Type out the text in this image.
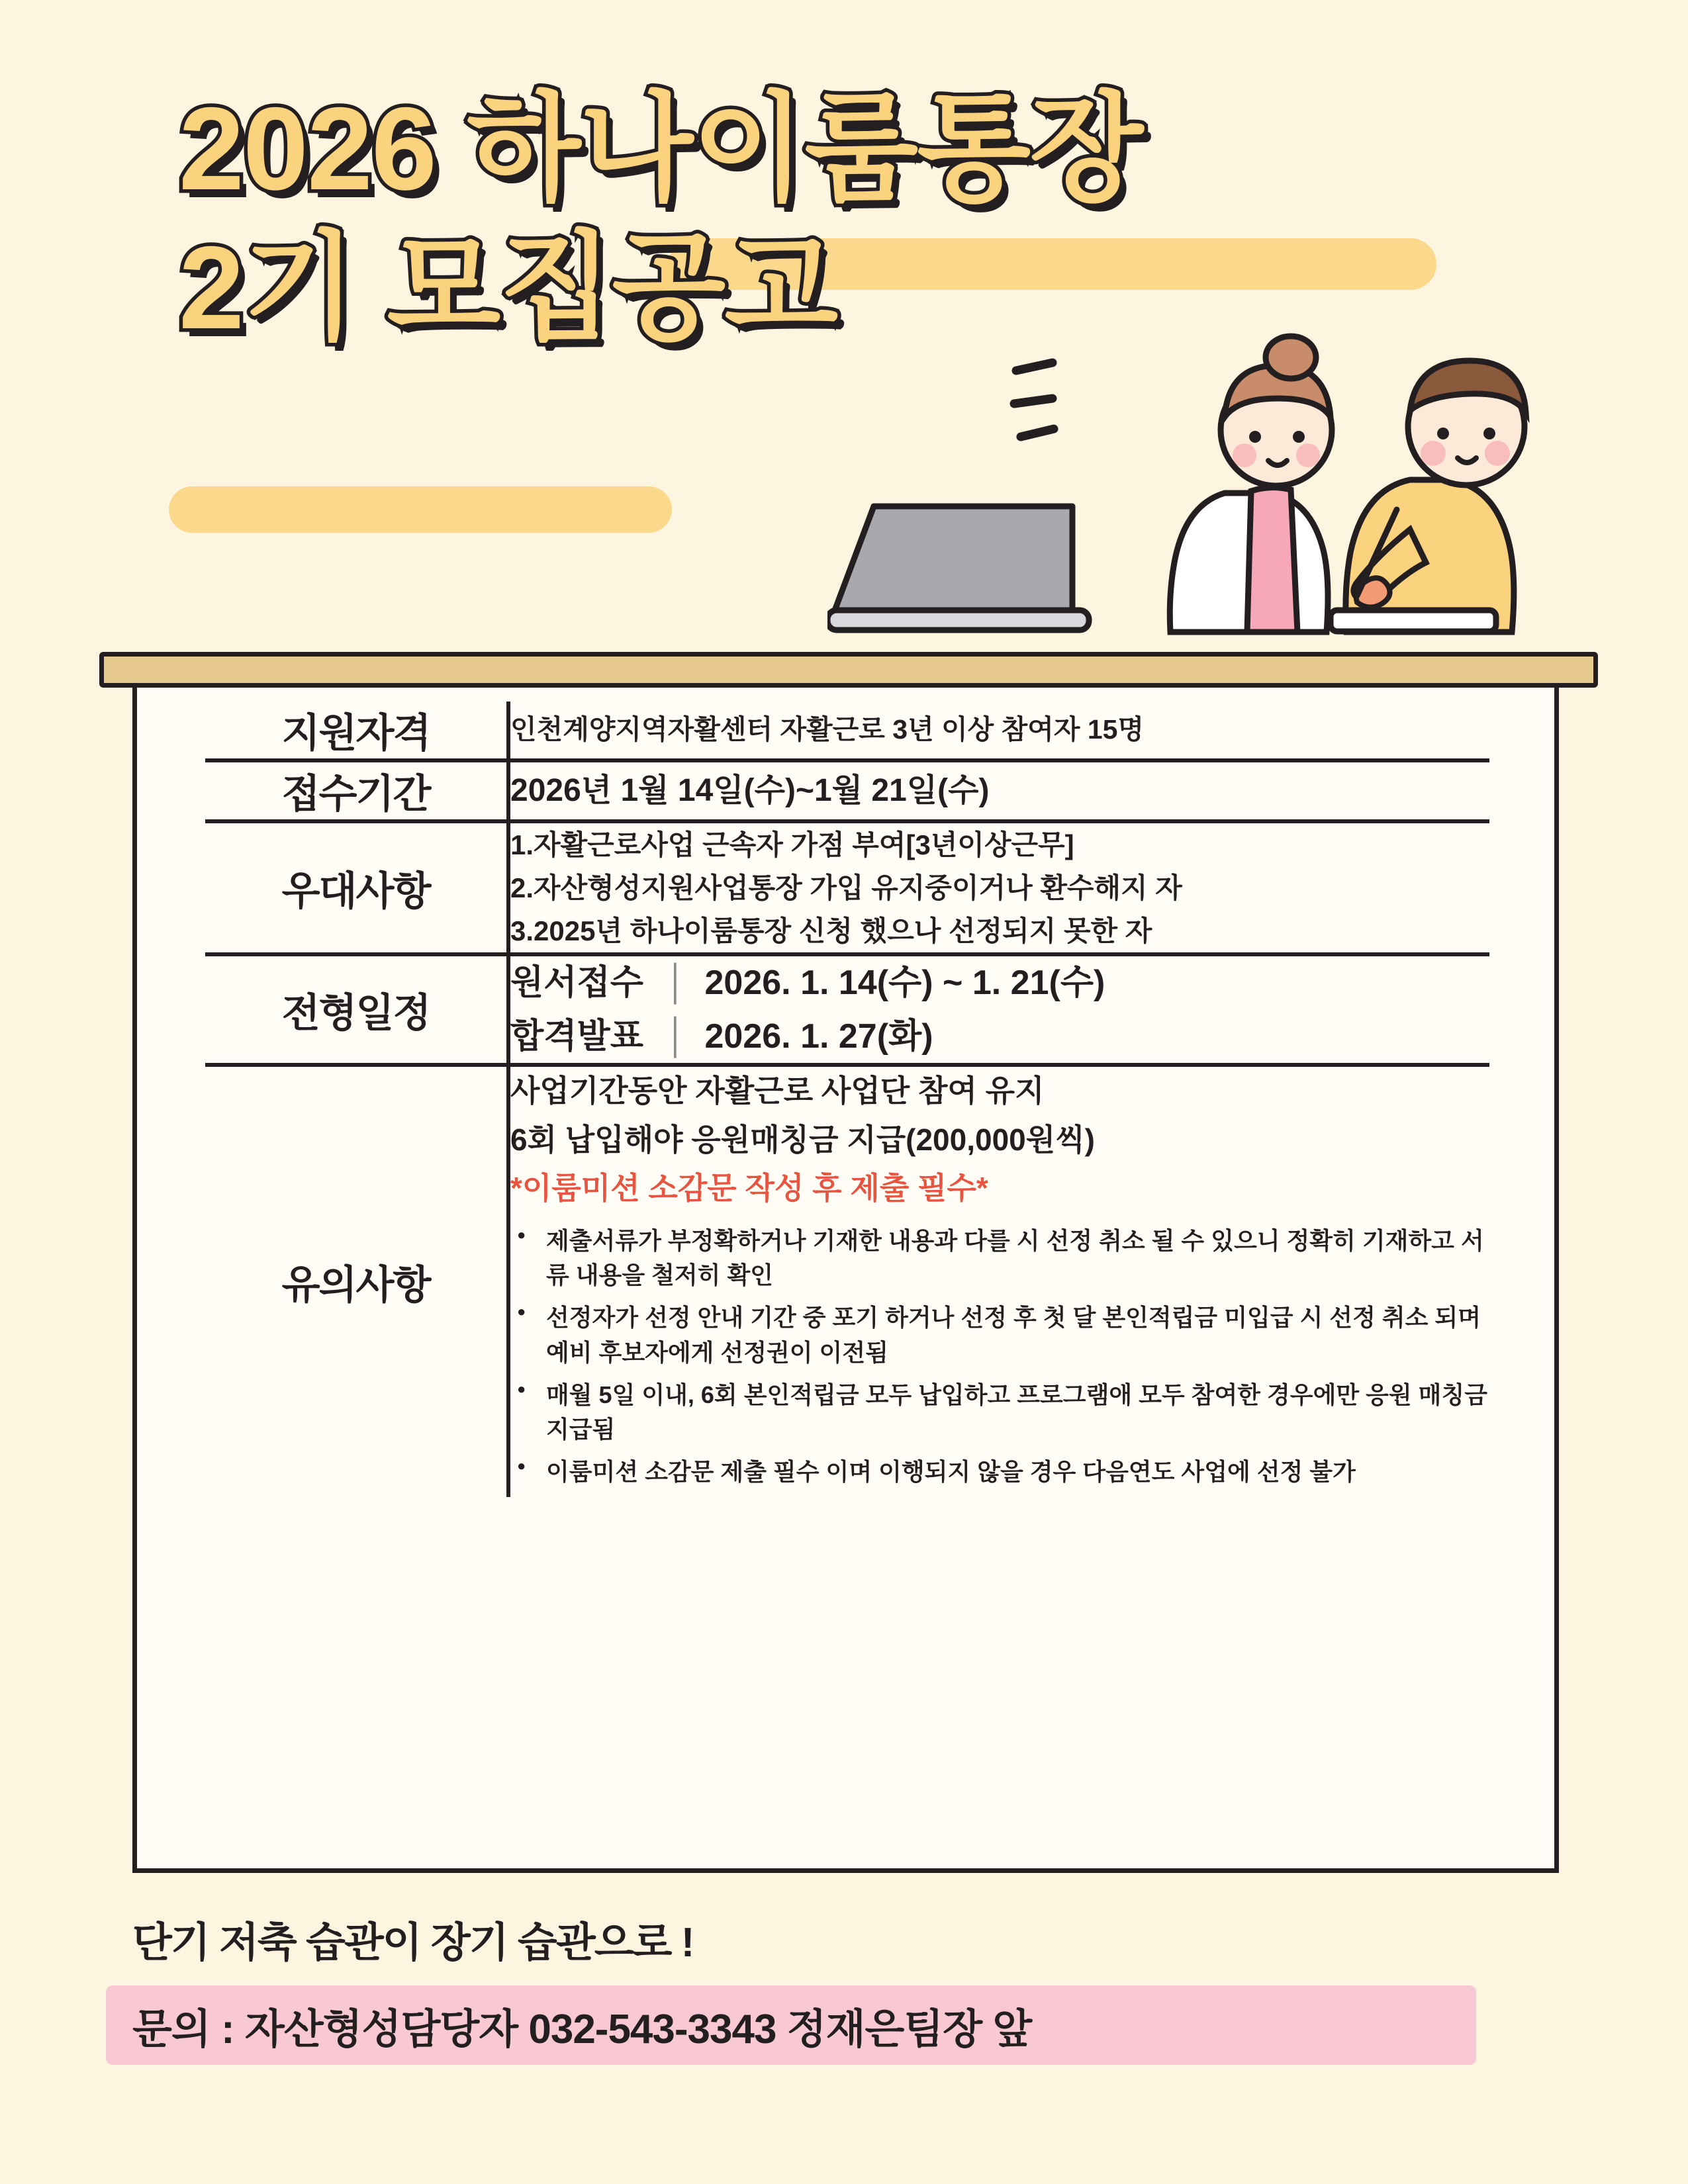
2026 하나이룸통장
2기 모집공고
지원자격	인천계양지역자활센터 자활근로 3년 이상 참여자 15명

접수기간	2026년 1월 14일(수)~1월 21일(수)

우대사항	1.자활근로사업 근속자 가점 부여[3년이상근무]
2.자산형성지원사업통장 가입 유지중이거나 환수해지 자
3.2025년 하나이룸통장 신청 했으나 선정되지 못한 자

전형일정	
원서접수 │ 2026. 1. 14(수) ~ 1. 21(수)
합격발표 │ 2026. 1. 27(화)

유의사항	
사업기간동안 자활근로 사업단 참여 유지
6회 납입해야 응원매칭금 지급(200,000원씩)
*이룸미션 소감문 작성 후 제출 필수*
● 제출서류가 부정확하거나 기재한 내용과 다를 시 선정 취소 될 수 있으니 정확히 기재하고 서류 내용을 철저히 확인
● 선정자가 선정 안내 기간 중 포기 하거나 선정 후 첫 달 본인적립금 미입급 시 선정 취소 되며 예비 후보자에게 선정권이 이전됨
● 매월 5일 이내, 6회 본인적립금 모두 납입하고 프로그램애 모두 참여한 경우에만 응원 매칭금 지급됨
● 이룸미션 소감문 제출 필수 이며 이행되지 않을 경우 다음연도 사업에 선정 불가
단기 저축 습관이 장기 습관으로 !
문의 : 자산형성담당자 032-543-3343 정재은팀장 앞
